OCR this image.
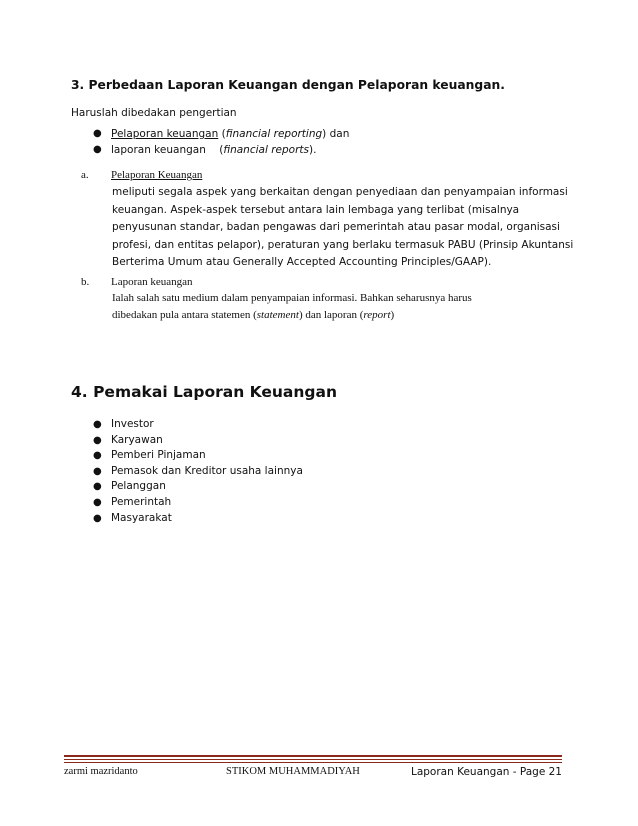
3. Perbedaan Laporan Keuangan dengan Pelaporan keuangan.
Haruslah dibedakan pengertian
● Pelaporan keuangan (financial reporting) dan
● laporan keuangan    (financial reports).
a. Pelaporan Keuangan
meliputi segala aspek yang berkaitan dengan penyediaan dan penyampaian informasi
keuangan. Aspek-aspek tersebut antara lain lembaga yang terlibat (misalnya
penyusunan standar, badan pengawas dari pemerintah atau pasar modal, organisasi
profesi, dan entitas pelapor), peraturan yang berlaku termasuk PABU (Prinsip Akuntansi
Berterima Umum atau Generally Accepted Accounting Principles/GAAP).
b. Laporan keuangan
Ialah salah satu medium dalam penyampaian informasi. Bahkan seharusnya harus
dibedakan pula antara statemen (statement) dan laporan (report)
4. Pemakai Laporan Keuangan
● Investor
● Karyawan
● Pemberi Pinjaman
● Pemasok dan Kreditor usaha lainnya
● Pelanggan
● Pemerintah
● Masyarakat
zarmi mazridanto	STIKOM MUHAMMADIYAH	Laporan Keuangan - Page 21
